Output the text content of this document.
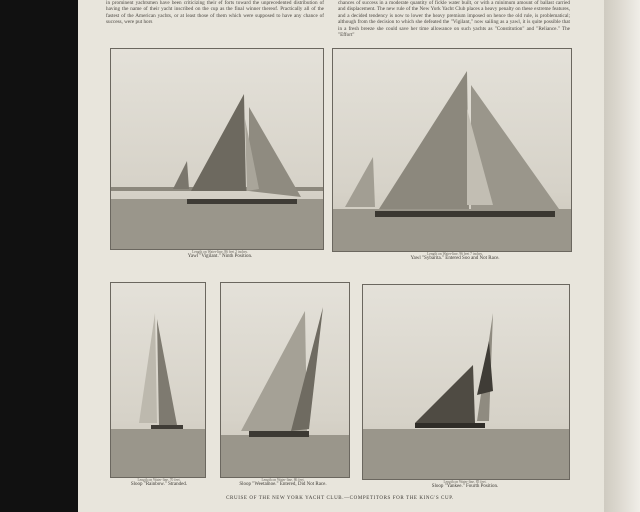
in prominent yachtsmen have been criticizing their ef forts toward the unprecedented distribution of having the name of their yacht inscribed on the cup as the final winner thereof. Practically all of the fastest of the American yachts, or at least those of them which were supposed to have any chance of success, were put hors
chances of success in a moderate quantity of fickle water built, or with a minimum amount of ballast carried and displacement. The new rule of the New York Yacht Club places a heavy penalty on these extreme features, and a decided tendency is now to lower the heavy premium imposed on hence the old rule, is problematical; although from the decision to which she defeated the "Vigilant," now sailing as a yawl, it is quite possible that in a fresh breeze she could save her time allowance on such yachts as "Constitution" and "Reliance." The "Effort"
Length on Water-line, 86 feet 2 inches.
Yawl "Vigilant." Ninth Position.	Length on Water-line, 96 feet 7 inches.
Yawl "Sybarita." Entered Soo and Not Race.
Length on Water-line, 70 feet.
Sloop "Rainbow." Stranded.
Length on Water-line, 86 feet.
Sloop "Weetamoe." Entered, Did Not Race.	Length on Water-line, 85 feet.
Sloop "Yankee." Fourth Position.
CRUISE OF THE NEW YORK YACHT CLUB.—COMPETITORS FOR THE KING'S CUP.
